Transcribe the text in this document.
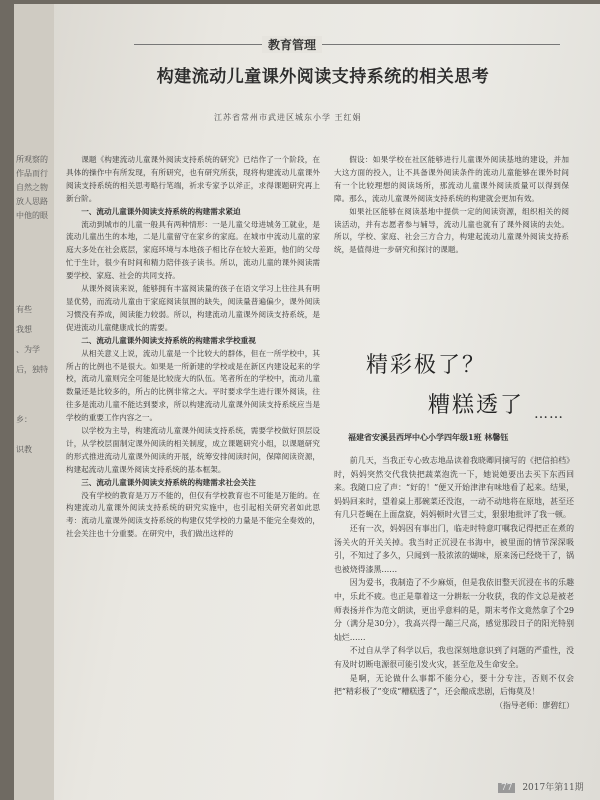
所观察的
作品而行
自然之物
放人思路
中他的眼
有些
我想
、为学
后，独特
乡：
识教
教育管理
构建流动儿童课外阅读支持系统的相关思考
江苏省常州市武进区城东小学 王红娟

课题《构建流动儿童课外阅读支持系统的研究》已结作了一个阶段，在具体的操作中有所发现，有所研究，也有研究所获，现将构建流动儿童课外阅读支持系统的相关思考略行笔端，祈求专家予以斧正，求得课题研究再上新台阶。

一、流动儿童课外阅读支持系统的构建需求紧迫

流动到城市的儿童一般具有两种情形：一是儿童父母进城务工就业，是流动儿童出生的本地，二是儿童留守在家乡的家庭。在城市中流动儿童的家庭大多处在社会底层，家庭环境与本地孩子相比存在较大差距，他们的父母忙于生计，很少有时间和精力陪伴孩子读书。所以，流动儿童的课外阅读需要学校、家庭、社会的共同支持。

从课外阅读来说，能够拥有丰富阅读量的孩子在语文学习上往往具有明显优势，而流动儿童由于家庭阅读氛围的缺失，阅读量普遍偏少，课外阅读习惯没有养成，阅读能力较弱。所以，构建流动儿童课外阅读支持系统，是促进流动儿童健康成长的需要。

二、流动儿童课外阅读支持系统的构建需求学校重视

从相关意义上说，流动儿童是一个比较大的群体，但在一所学校中，其所占的比例也不是很大。如果是一所新建的学校或是在新区内建设起来的学校，流动儿童则完全可能是比较庞大的队伍。笔者所在的学校中，流动儿童数量还是比较多的，所占的比例非常之大。平时要求学生进行课外阅读，往往多是流动儿童不能达到要求，所以构建流动儿童课外阅读支持系统应当是学校的重要工作内容之一。

以学校为主导，构建流动儿童课外阅读支持系统，需要学校做好顶层设计，从学校层面制定课外阅读的相关制度，成立课题研究小组，以课题研究的形式推进流动儿童课外阅读的开展，统筹安排阅读时间，保障阅读资源，构建起流动儿童课外阅读支持系统的基本框架。

三、流动儿童课外阅读支持系统的构建需求社会关注

没有学校的教育是万万不能的，但仅有学校教育也不可能是万能的。在构建流动儿童课外阅读支持系统的研究实施中，也引起相关研究者如此思考：流动儿童课外阅读支持系统的构建仅凭学校的力量是不能完全奏效的，社会关注也十分重要。在研究中，我们做出这样的

假设：如果学校在社区能够进行儿童课外阅读基地的建设，并加大这方面的投入，让不具备课外阅读条件的流动儿童能够在课外时间有一个比较理想的阅读场所，那流动儿童课外阅读质量可以得到保障。那么，流动儿童课外阅读支持系统的构建就会更加有效。

如果社区能够在阅读基地中提供一定的阅读资源，组织相关的阅读活动，并有志愿者参与辅导，流动儿童也就有了课外阅读的去处。所以，学校、家庭、社会三方合力，构建起流动儿童课外阅读支持系统，是值得进一步研究和探讨的课题。

精彩极了？
糟糕透了 ……
福建省安溪县西坪中心小学四年级1班 林馨钰

前几天，当我正专心致志地品读着我晓卿同摘写的《把信拍档》时，妈妈突然交代我快把蔬菜泡洗一下，她说她要出去买下东西回来。我随口应了声：“好的！”便又开始津津有味地看了起来。结果，妈妈回来时，望着桌上那碗菜还没泡，一动不动地将在原地，甚至还有几只苍蝇在上面盘旋，妈妈顿时火冒三丈，狠狠地批评了我一顿。

还有一次，妈妈因有事出门，临走时特意叮嘱我记得把正在煮的汤关火的开关关掉。我当时正沉浸在书海中，被里面的情节深深吸引，不知过了多久，只闻到一股浓浓的煳味，原来汤已经烧干了，锅也被烧得漆黑……

因为爱书，我制造了不少麻烦，但是我依旧整天沉浸在书的乐趣中，乐此不疲。也正是靠着这一分耕耘一分收获，我的作文总是被老师表扬并作为范文朗读，更出乎意料的是，期末考作文竟然拿了个29分（满分是30分），我高兴得一蹦三尺高，感觉那段日子的阳光特别灿烂……

不过自从学了科学以后，我也深刻地意识到了问题的严重性，没有及时切断电源很可能引发火灾，甚至危及生命安全。

是啊，无论做什么事都不能分心，要十分专注，否则不仅会把“精彩极了”变成“糟糕透了”，还会酿成悲剧，后悔莫及！

（指导老师：廖碧红）

77 2017年第11期
